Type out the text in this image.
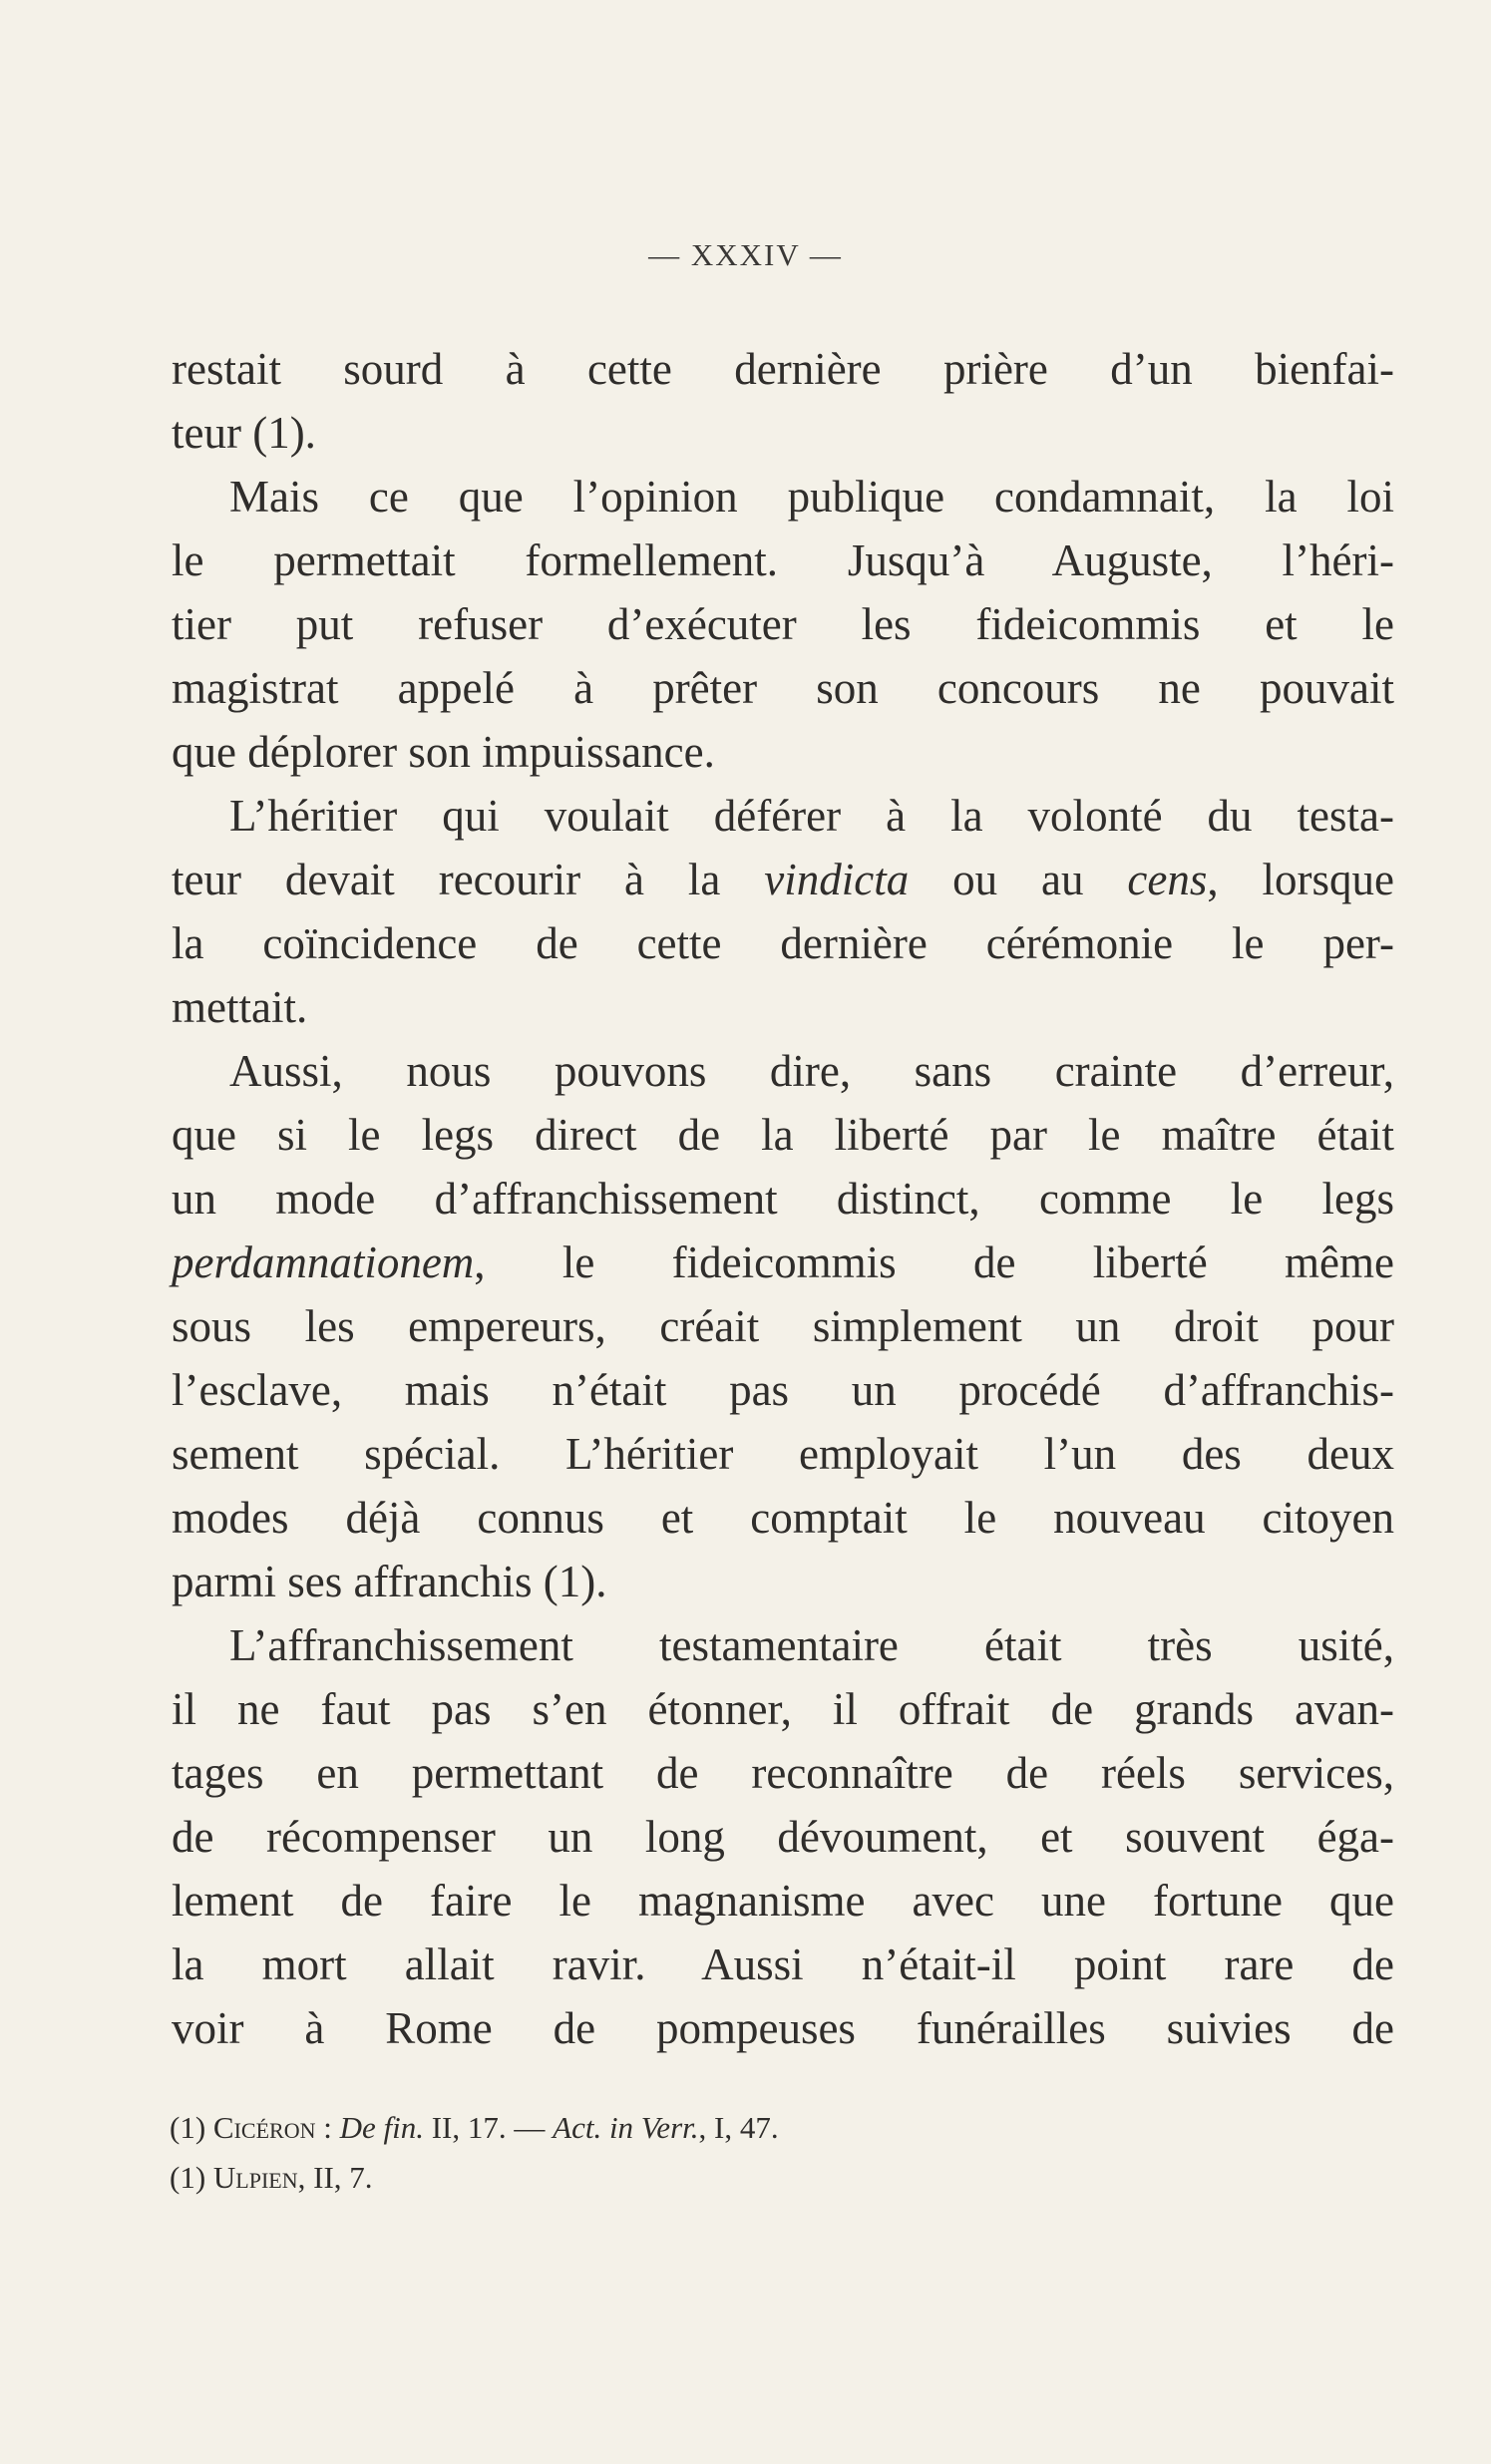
— XXXIV —
restait sourd à cette dernière prière d’un bienfai-
teur (1).
Mais ce que l’opinion publique condamnait, la loi
le permettait formellement. Jusqu’à Auguste, l’héri-
tier put refuser d’exécuter les fideicommis et le
magistrat appelé à prêter son concours ne pouvait
que déplorer son impuissance.
L’héritier qui voulait déférer à la volonté du testa-
teur devait recourir à la vindicta ou au cens, lorsque
la coïncidence de cette dernière cérémonie le per-
mettait.
Aussi, nous pouvons dire, sans crainte d’erreur,
que si le legs direct de la liberté par le maître était
un mode d’affranchissement distinct, comme le legs
perdamnationem, le fideicommis de liberté même
sous les empereurs, créait simplement un droit pour
l’esclave, mais n’était pas un procédé d’affranchis-
sement spécial. L’héritier employait l’un des deux
modes déjà connus et comptait le nouveau citoyen
parmi ses affranchis (1).
L’affranchissement testamentaire était très usité,
il ne faut pas s’en étonner, il offrait de grands avan-
tages en permettant de reconnaître de réels services,
de récompenser un long dévoument, et souvent éga-
lement de faire le magnanisme avec une fortune que
la mort allait ravir. Aussi n’était-il point rare de
voir à Rome de pompeuses funérailles suivies de
(1) Cicéron : De fin. II, 17. — Act. in Verr., I, 47.
(1) Ulpien, II, 7.
